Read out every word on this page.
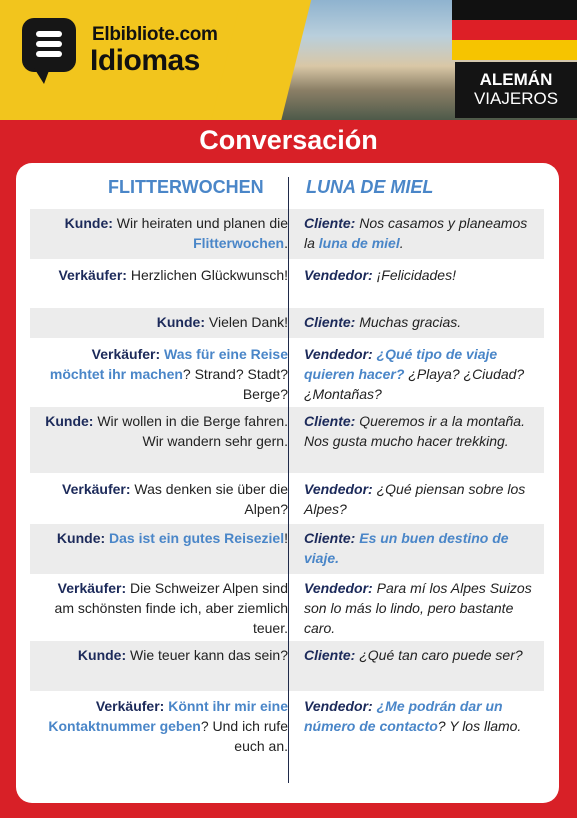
ALEMÁN
VIAJEROS
Elbibliote.com
Idiomas
Conversación
FLITTERWOCHEN LUNA DE MIEL
Kunde: Wir heiraten und planen die Flitterwochen.
Cliente: Nos casamos y planeamos la luna de miel.
Verkäufer: Herzlichen Glückwunsch! Vendedor: ¡Felicidades!
Kunde: Vielen Dank! Cliente: Muchas gracias.
Verkäufer: Was für eine Reise möchtet ihr machen? Strand? Stadt? Berge?
Vendedor: ¿Qué tipo de viaje quieren hacer? ¿Playa? ¿Ciudad? ¿Montañas?
Kunde: Wir wollen in die Berge fahren. Wir wandern sehr gern.
Cliente: Queremos ir a la montaña. Nos gusta mucho hacer trekking.
Verkäufer: Was denken sie über die Alpen?
Vendedor: ¿Qué piensan sobre los Alpes?
Kunde: Das ist ein gutes Reiseziel! Cliente: Es un buen destino de viaje.
Verkäufer: Die Schweizer Alpen sind am schönsten finde ich, aber ziemlich teuer.
Vendedor: Para mí los Alpes Suizos son lo más lo lindo, pero bastante caro.
Kunde: Wie teuer kann das sein? Cliente: ¿Qué tan caro puede ser?
Verkäufer: Könnt ihr mir eine Kontaktnummer geben? Und ich rufe euch an.
Vendedor: ¿Me podrán dar un número de contacto? Y los llamo.
